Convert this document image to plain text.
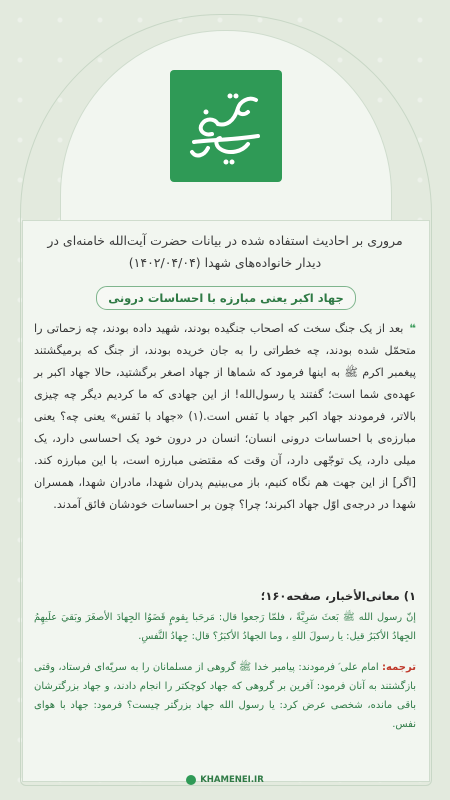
مروری بر احادیث استفاده شده در بیانات حضرت آیت‌الله خامنه‌ای در دیدار خانواده‌های شهدا (۱۴۰۲/۰۴/۰۴)
جهاد اکبر یعنی مبارزه با احساسات درونی
❝بعد از یک جنگ سخت که اصحاب جنگیده بودند، شهید داده بودند، چه زحماتی را متحمّل شده بودند، چه خطراتی را به جان خریده بودند، از جنگ که برمیگشتند پیغمبر اکرم ﷺ به اینها فرمود که شماها از جهاد اصغر برگشتید، حالا جهاد اکبر بر عهده‌ی شما است؛ گفتند یا رسول‌الله! از این جهادی که ما کردیم دیگر چه چیزی بالاتر، فرمودند جهاد اکبر جهاد با نَفس است.(۱) «جهاد با نَفس» یعنی چه؟ یعنی مبارزه‌ی با احساسات درونی انسان؛ انسان در درون خود یک احساسی دارد، یک میلی دارد، یک توجّهی دارد، آن وقت که مقتضی مبارزه است، با این مبارزه کند. [اگر] از این جهت هم نگاه کنیم، باز می‌بینیم پدران شهدا، مادران شهدا، همسران شهدا در درجه‌ی اوّل جهاد اکبرند؛ چرا؟ چون بر احساسات خودشان فائق آمدند.
۱) معانی‌الأخبار، صفحه۱۶۰؛
إنّ رسول الله ﷺ بَعثَ سَرِيَّةً ، فلمّا رَجعوا قال: مَرحَبا بِقومٍ قَضَوُا الجِهادَ الأصغَرَ وبَقيَ علَيهِمُ الجِهادُ الأكبَرُ قيل: يا رسولَ اللهِ ، وما الجهادُ الأكبَرُ؟ قال: جِهادُ النَّفسِ.
ترجمه: امام علی ؑ فرمودند: پیامبر خدا ﷺ گروهی از مسلمانان را به سریّه‌ای فرستاد، وقتی بازگشتند به آنان فرمود: آفرین بر گروهی که جهاد کوچکتر را انجام دادند، و جهاد بزرگترشان باقی مانده، شخصی عرض کرد: یا رسول الله جهاد بزرگتر چیست؟ فرمود: جهاد با هوای نفس.
KHAMENEI.IR
